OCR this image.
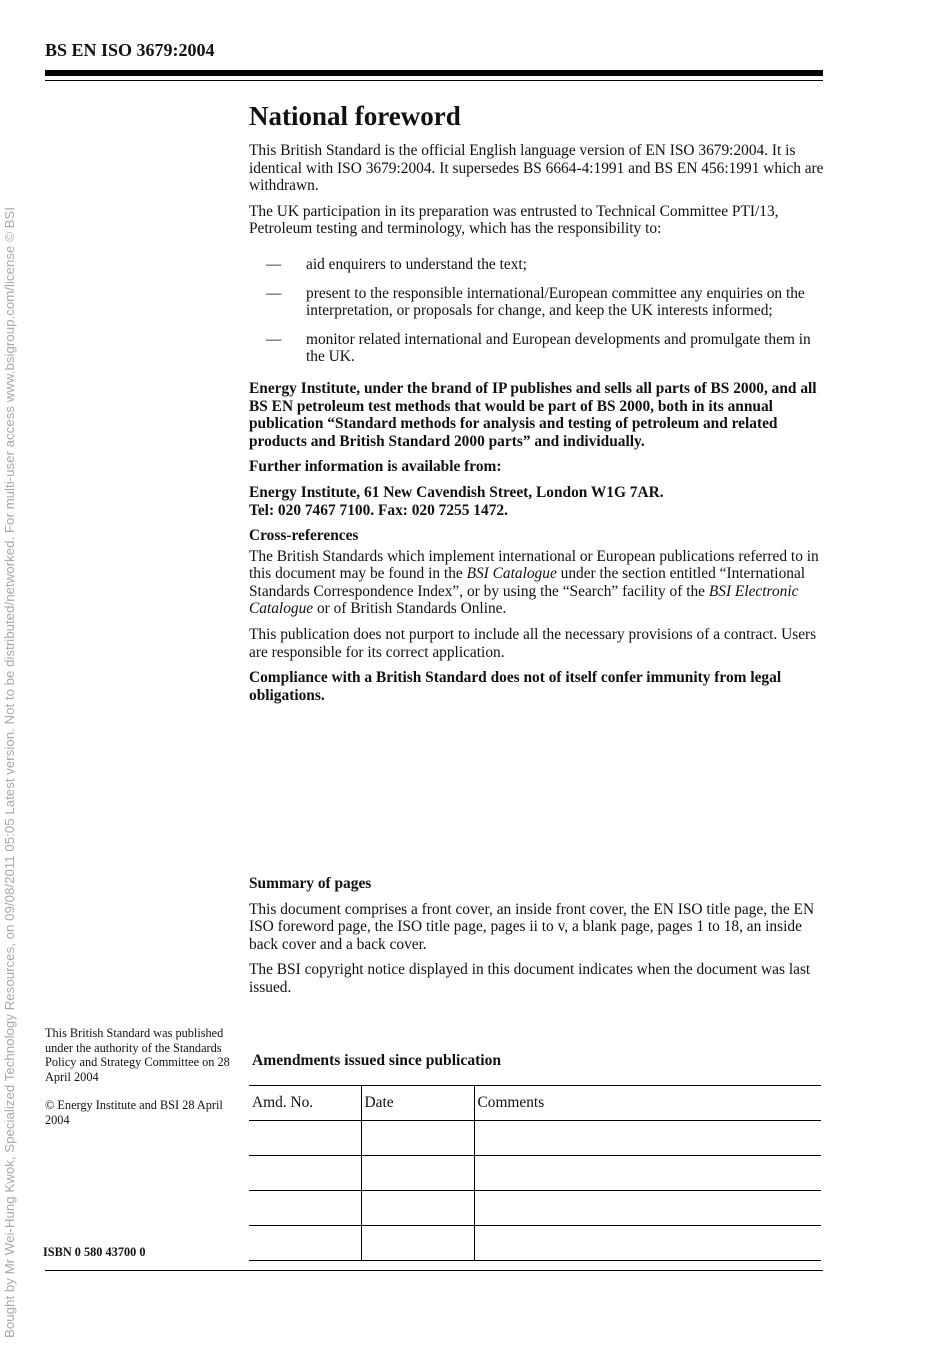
Bought by Mr Wei-Hung Kwok, Specialized Technology Resources, on 09/08/2011 05:05 Latest version. Not to be distributed/networked. For multi-user access www.bsigroup.com/license © BSI
BS EN ISO 3679:2004
National foreword

This British Standard is the official English language version of EN ISO 3679:2004. It is identical with ISO 3679:2004. It supersedes BS 6664-4:1991 and BS EN 456:1991 which are withdrawn.

The UK participation in its preparation was entrusted to Technical Committee PTI/13, Petroleum testing and terminology, which has the responsibility to:

— aid enquirers to understand the text;
— present to the responsible international/European committee any enquiries on the interpretation, or proposals for change, and keep the UK interests informed;
— monitor related international and European developments and promulgate them in the UK.

Energy Institute, under the brand of IP publishes and sells all parts of BS 2000, and all BS EN petroleum test methods that would be part of BS 2000, both in its annual publication “Standard methods for analysis and testing of petroleum and related products and British Standard 2000 parts” and individually.

Further information is available from:

Energy Institute, 61 New Cavendish Street, London W1G 7AR.
Tel: 020 7467 7100. Fax: 020 7255 1472.

Cross-references

The British Standards which implement international or European publications referred to in this document may be found in the BSI Catalogue under the section entitled “International Standards Correspondence Index”, or by using the “Search” facility of the BSI Electronic Catalogue or of British Standards Online.

This publication does not purport to include all the necessary provisions of a contract. Users are responsible for its correct application.

Compliance with a British Standard does not of itself confer immunity from legal obligations.

Summary of pages

This document comprises a front cover, an inside front cover, the EN ISO title page, the EN ISO foreword page, the ISO title page, pages ii to v, a blank page, pages 1 to 18, an inside back cover and a back cover.

The BSI copyright notice displayed in this document indicates when the document was last issued.

This British Standard was published under the authority of the Standards Policy and Strategy Committee on 28 April 2004

© Energy Institute and BSI 28 April 2004

ISBN 0 580 43700 0
Amendments issued since publication
Amd. No.	Date	Comments
